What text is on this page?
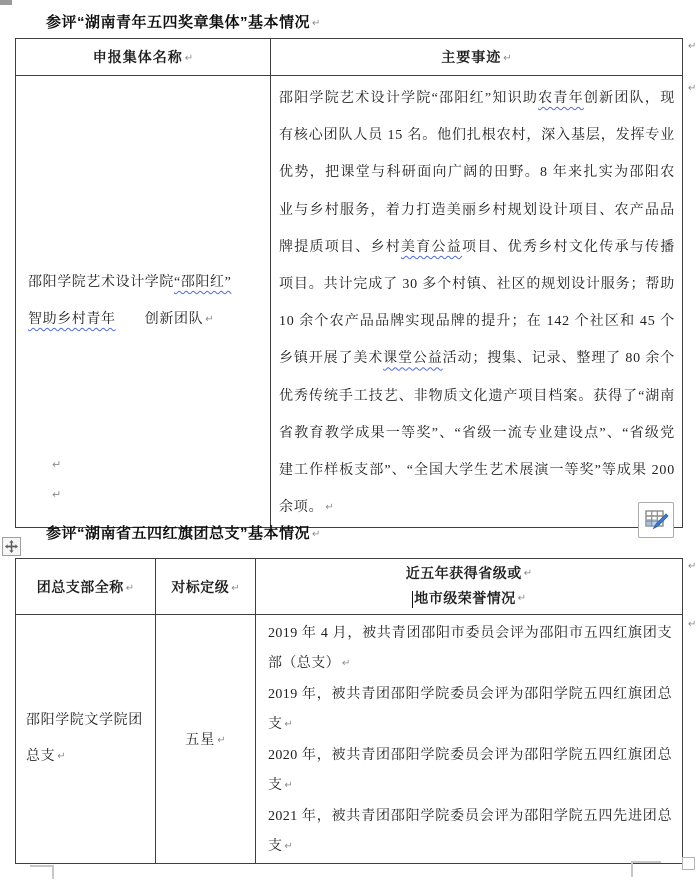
参评“湖南青年五四奖章集体”基本情况 ↵
申报集体名称 ↵	主要事迹 ↵
邵阳学院艺术设计学院“邵阳红”
智助乡村青年　　创新团队 ↵	邵阳学院艺术设计学院“邵阳红”知识助农青年创新团队，现有核心团队人员 15 名。他们扎根农村，深入基层，发挥专业优势，把课堂与科研面向广阔的田野。8 年来扎实为邵阳农业与乡村服务，着力打造美丽乡村规划设计项目、农产品品牌提质项目、乡村美育公益项目、优秀乡村文化传承与传播项目。共计完成了 30 多个村镇、社区的规划设计服务；帮助 10 余个农产品品牌实现品牌的提升；在 142 个社区和 45 个乡镇开展了美术课堂公益活动；搜集、记录、整理了 80 余个优秀传统手工技艺、非物质文化遗产项目档案。获得了“湖南省教育教学成果一等奖”、“省级一流专业建设点”、“省级党建工作样板支部”、“全国大学生艺术展演一等奖”等成果 200 余项。 ↵
↵
↵
↵
↵
参评“湖南省五四红旗团总支”基本情况 ↵
团总支部全称 ↵	对标定级 ↵	近五年获得省级或 ↵
地市级荣誉情况 ↵

邵阳学院文学院团总支 ↵	五星 ↵	2019 年 4 月，被共青团邵阳市委员会评为邵阳市五四红旗团支部（总支） ↵
2019 年，被共青团邵阳学院委员会评为邵阳学院五四红旗团总支 ↵
2020 年，被共青团邵阳学院委员会评为邵阳学院五四红旗团总支 ↵
2021 年，被共青团邵阳学院委员会评为邵阳学院五四先进团总支 ↵
↵
↵
